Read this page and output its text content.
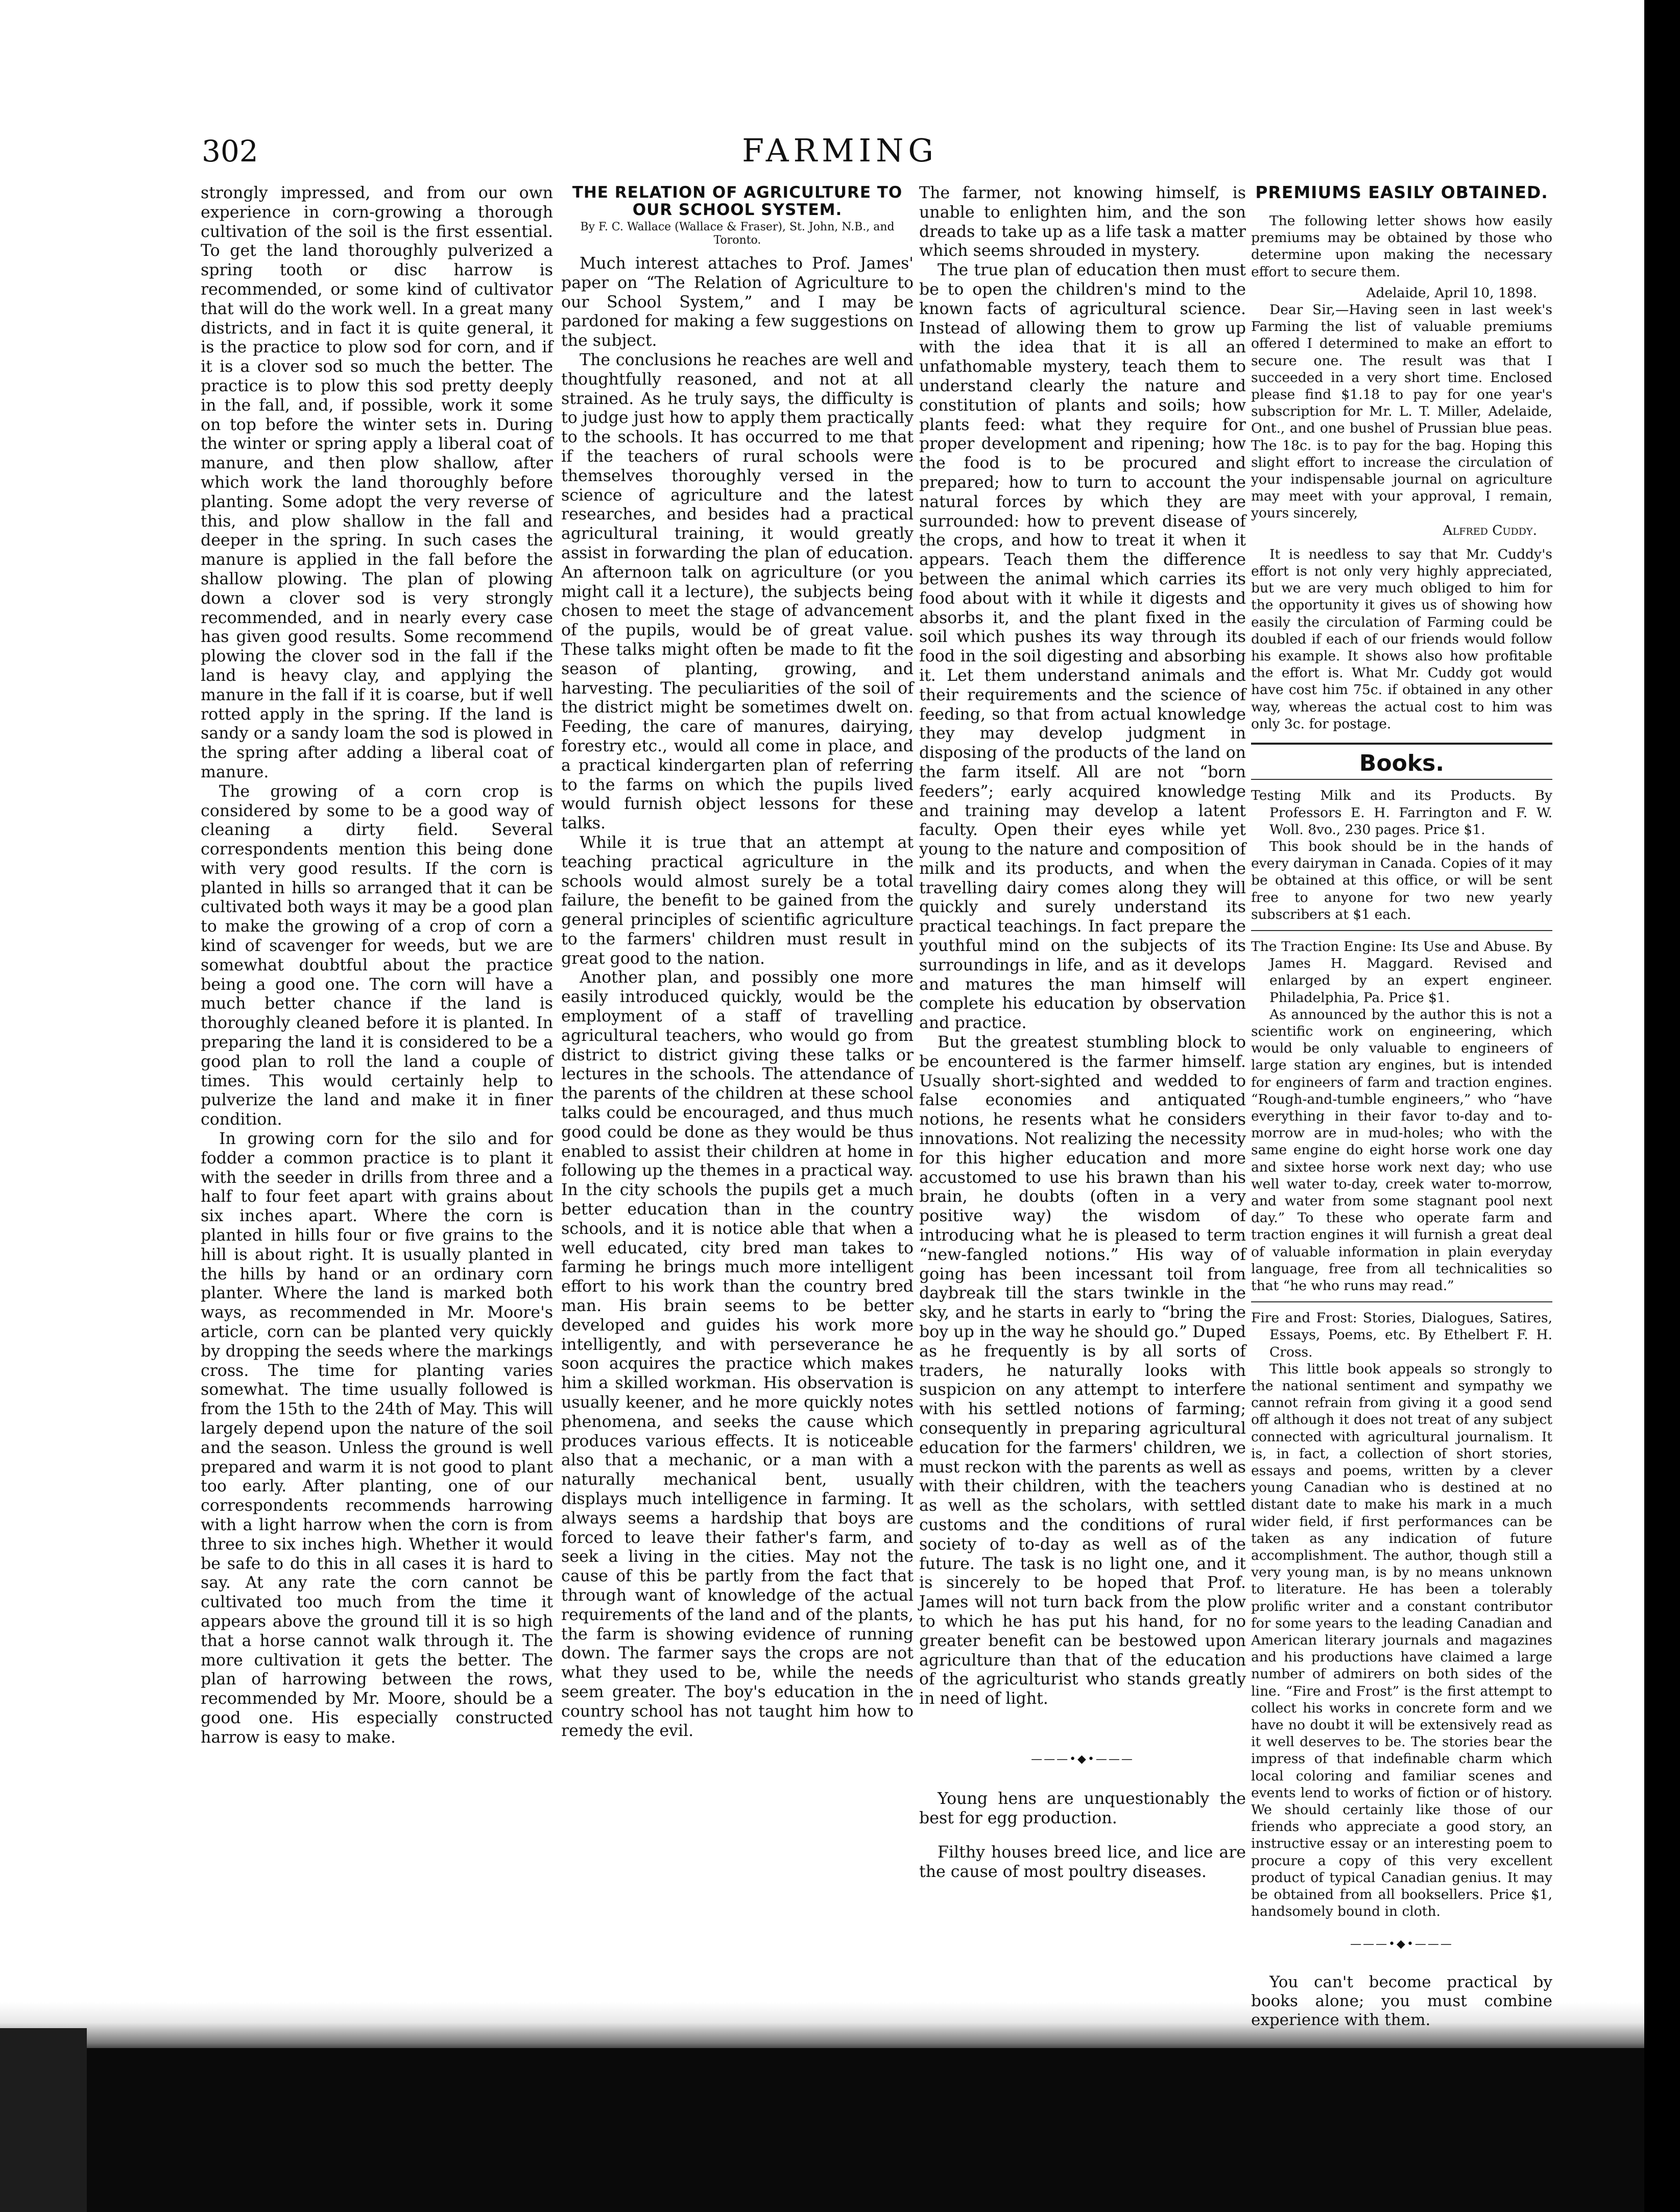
302	FARMING

strongly impressed, and from our own experience in corn-growing a thorough cultivation of the soil is the first essential. To get the land thoroughly pulverized a spring tooth or disc harrow is recommended, or some kind of cultivator that will do the work well. In a great many districts, and in fact it is quite general, it is the practice to plow sod for corn, and if it is a clover sod so much the better. The practice is to plow this sod pretty deeply in the fall, and, if possible, work it some on top before the winter sets in. During the winter or spring apply a liberal coat of manure, and then plow shallow, after which work the land thoroughly before planting. Some adopt the very reverse of this, and plow shallow in the fall and deeper in the spring. In such cases the manure is applied in the fall before the shallow plowing. The plan of plowing down a clover sod is very strongly recommended, and in nearly every case has given good results. Some recommend plowing the clover sod in the fall if the land is heavy clay, and applying the manure in the fall if it is coarse, but if well rotted apply in the spring. If the land is sandy or a sandy loam the sod is plowed in the spring after adding a liberal coat of manure.

The growing of a corn crop is considered by some to be a good way of cleaning a dirty field. Several correspondents mention this being done with very good results. If the corn is planted in hills so arranged that it can be cultivated both ways it may be a good plan to make the growing of a crop of corn a kind of scavenger for weeds, but we are somewhat doubtful about the practice being a good one. The corn will have a much better chance if the land is thoroughly cleaned before it is planted. In preparing the land it is considered to be a good plan to roll the land a couple of times. This would certainly help to pulverize the land and make it in finer condition.

In growing corn for the silo and for fodder a common practice is to plant it with the seeder in drills from three and a half to four feet apart with grains about six inches apart. Where the corn is planted in hills four or five grains to the hill is about right. It is usually planted in the hills by hand or an ordinary corn planter. Where the land is marked both ways, as recommended in Mr. Moore's article, corn can be planted very quickly by dropping the seeds where the markings cross. The time for planting varies somewhat. The time usually followed is from the 15th to the 24th of May. This will largely depend upon the nature of the soil and the season. Unless the ground is well prepared and warm it is not good to plant too early. After planting, one of our correspondents recommends harrowing with a light harrow when the corn is from three to six inches high. Whether it would be safe to do this in all cases it is hard to say. At any rate the corn cannot be cultivated too much from the time it appears above the ground till it is so high that a horse cannot walk through it. The more cultivation it gets the better. The plan of harrowing between the rows, recommended by Mr. Moore, should be a good one. His especially constructed harrow is easy to make.

THE RELATION OF AGRICULTURE TO OUR SCHOOL SYSTEM.

By F. C. Wallace (Wallace & Fraser), St. John, N.B., and Toronto.

Much interest attaches to Prof. James' paper on “The Relation of Agriculture to our School System,” and I may be pardoned for making a few suggestions on the subject.

The conclusions he reaches are well and thoughtfully reasoned, and not at all strained. As he truly says, the difficulty is to judge just how to apply them practically to the schools. It has occurred to me that if the teachers of rural schools were themselves thoroughly versed in the science of agriculture and the latest researches, and besides had a practical agricultural training, it would greatly assist in forwarding the plan of education. An afternoon talk on agriculture (or you might call it a lecture), the subjects being chosen to meet the stage of advancement of the pupils, would be of great value. These talks might often be made to fit the season of planting, growing, and harvesting. The peculiarities of the soil of the district might be sometimes dwelt on. Feeding, the care of manures, dairying, forestry etc., would all come in place, and a practical kindergarten plan of referring to the farms on which the pupils lived would furnish object lessons for these talks.

While it is true that an attempt at teaching practical agriculture in the schools would almost surely be a total failure, the benefit to be gained from the general principles of scientific agriculture to the farmers' children must result in great good to the nation.

Another plan, and possibly one more easily introduced quickly, would be the employment of a staff of travelling agricultural teachers, who would go from district to district giving these talks or lectures in the schools. The attendance of the parents of the children at these school talks could be encouraged, and thus much good could be done as they would be thus enabled to assist their children at home in following up the themes in a practical way. In the city schools the pupils get a much better education than in the country schools, and it is notice able that when a well educated, city bred man takes to farming he brings much more intelligent effort to his work than the country bred man. His brain seems to be better developed and guides his work more intelligently, and with perseverance he soon acquires the practice which makes him a skilled workman. His observation is usually keener, and he more quickly notes phenomena, and seeks the cause which produces various effects. It is noticeable also that a mechanic, or a man with a naturally mechanical bent, usually displays much intelligence in farming. It always seems a hardship that boys are forced to leave their father's farm, and seek a living in the cities. May not the cause of this be partly from the fact that through want of knowledge of the actual requirements of the land and of the plants, the farm is showing evidence of running down. The farmer says the crops are not what they used to be, while the needs seem greater. The boy's education in the country school has not taught him how to remedy the evil.

The farmer, not knowing himself, is unable to enlighten him, and the son dreads to take up as a life task a matter which seems shrouded in mystery.

The true plan of education then must be to open the children's mind to the known facts of agricultural science. Instead of allowing them to grow up with the idea that it is all an unfathomable mystery, teach them to understand clearly the nature and constitution of plants and soils; how plants feed: what they require for proper development and ripening; how the food is to be procured and prepared; how to turn to account the natural forces by which they are surrounded: how to prevent disease of the crops, and how to treat it when it appears. Teach them the difference between the animal which carries its food about with it while it digests and absorbs it, and the plant fixed in the soil which pushes its way through its food in the soil digesting and absorbing it. Let them understand animals and their requirements and the science of feeding, so that from actual knowledge they may develop judgment in disposing of the products of the land on the farm itself. All are not “born feeders”; early acquired knowledge and training may develop a latent faculty. Open their eyes while yet young to the nature and composition of milk and its products, and when the travelling dairy comes along they will quickly and surely understand its practical teachings. In fact prepare the youthful mind on the subjects of its surroundings in life, and as it develops and matures the man himself will complete his education by observation and practice.

But the greatest stumbling block to be encountered is the farmer himself. Usually short-sighted and wedded to false economies and antiquated notions, he resents what he considers innovations. Not realizing the necessity for this higher education and more accustomed to use his brawn than his brain, he doubts (often in a very positive way) the wisdom of introducing what he is pleased to term “new-fangled notions.” His way of going has been incessant toil from daybreak till the stars twinkle in the sky, and he starts in early to “bring the boy up in the way he should go.” Duped as he frequently is by all sorts of traders, he naturally looks with suspicion on any attempt to interfere with his settled notions of farming; consequently in preparing agricultural education for the farmers' children, we must reckon with the parents as well as with their children, with the teachers as well as the scholars, with settled customs and the conditions of rural society of to-day as well as of the future. The task is no light one, and it is sincerely to be hoped that Prof. James will not turn back from the plow to which he has put his hand, for no greater benefit can be bestowed upon agriculture than that of the education of the agriculturist who stands greatly in need of light.

———•◆•———

Young hens are unquestionably the best for egg production.

Filthy houses breed lice, and lice are the cause of most poultry diseases.

PREMIUMS EASILY OBTAINED.

The following letter shows how easily premiums may be obtained by those who determine upon making the necessary effort to secure them.

Adelaide, April 10, 1898.

Dear Sir,—Having seen in last week's Farming the list of valuable premiums offered I determined to make an effort to secure one. The result was that I succeeded in a very short time. Enclosed please find $1.18 to pay for one year's subscription for Mr. L. T. Miller, Adelaide, Ont., and one bushel of Prussian blue peas. The 18c. is to pay for the bag. Hoping this slight effort to increase the circulation of your indispensable journal on agriculture may meet with your approval, I remain, yours sincerely,

Alfred Cuddy.

It is needless to say that Mr. Cuddy's effort is not only very highly appreciated, but we are very much obliged to him for the opportunity it gives us of showing how easily the circulation of Farming could be doubled if each of our friends would follow his example. It shows also how profitable the effort is. What Mr. Cuddy got would have cost him 75c. if obtained in any other way, whereas the actual cost to him was only 3c. for postage.

Books.

Testing Milk and its Products. By Professors E. H. Farrington and F. W. Woll. 8vo., 230 pages. Price $1.

This book should be in the hands of every dairyman in Canada. Copies of it may be obtained at this office, or will be sent free to anyone for two new yearly subscribers at $1 each.

The Traction Engine: Its Use and Abuse. By James H. Maggard. Revised and enlarged by an expert engineer. Philadelphia, Pa. Price $1.

As announced by the author this is not a scientific work on engineering, which would be only valuable to engineers of large station ary engines, but is intended for engineers of farm and traction engines. “Rough-and-tumble engineers,” who “have everything in their favor to-day and to-morrow are in mud-holes; who with the same engine do eight horse work one day and sixtee horse work next day; who use well water to-day, creek water to-morrow, and water from some stagnant pool next day.” To these who operate farm and traction engines it will furnish a great deal of valuable information in plain everyday language, free from all technicalities so that “he who runs may read.”

Fire and Frost: Stories, Dialogues, Satires, Essays, Poems, etc. By Ethelbert F. H. Cross.

This little book appeals so strongly to the national sentiment and sympathy we cannot refrain from giving it a good send off although it does not treat of any subject connected with agricultural journalism. It is, in fact, a collection of short stories, essays and poems, written by a clever young Canadian who is destined at no distant date to make his mark in a much wider field, if first performances can be taken as any indication of future accomplishment. The author, though still a very young man, is by no means unknown to literature. He has been a tolerably prolific writer and a constant contributor for some years to the leading Canadian and American literary journals and magazines and his productions have claimed a large number of admirers on both sides of the line. “Fire and Frost” is the first attempt to collect his works in concrete form and we have no doubt it will be extensively read as it well deserves to be. The stories bear the impress of that indefinable charm which local coloring and familiar scenes and events lend to works of fiction or of history. We should certainly like those of our friends who appreciate a good story, an instructive essay or an interesting poem to procure a copy of this very excellent product of typical Canadian genius. It may be obtained from all booksellers. Price $1, handsomely bound in cloth.

———•◆•———

You can't become practical by books alone; you must combine experience with them.
